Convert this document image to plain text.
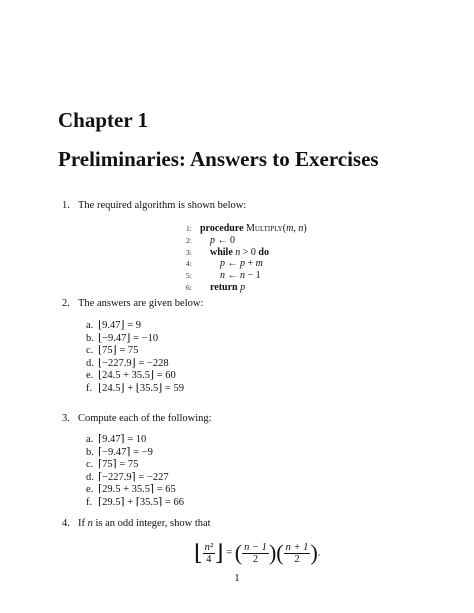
Chapter 1
Preliminaries: Answers to Exercises
1. The required algorithm is shown below:
1: procedure Multiply(m, n)
2: p ← 0
3: while n > 0 do
4:	p ← p + m
5:	n ← n − 1
6: return p
2. The answers are given below:
a. ⌊9.47⌋ = 9
b. ⌊−9.47⌋ = −10
c. ⌊75⌋ = 75
d. ⌊−227.9⌋ = −228
e. ⌊24.5 + 35.5⌋ = 60
f. ⌊24.5⌋ + ⌊35.5⌋ = 59
3. Compute each of the following:
a. ⌈9.47⌉ = 10
b. ⌈−9.47⌉ = −9
c. ⌈75⌉ = 75
d. ⌈−227.9⌉ = −227
e. ⌈29.5 + 35.5⌉ = 65
f. ⌈29.5⌉ + ⌈35.5⌉ = 66
4. If n is an odd integer, show that
⌊ $\frac{\text{n²}}{4}$ ⌋ = ( $\frac{n - 1}{2}$ )( $\frac{n + 1}{2}$ ).
1
